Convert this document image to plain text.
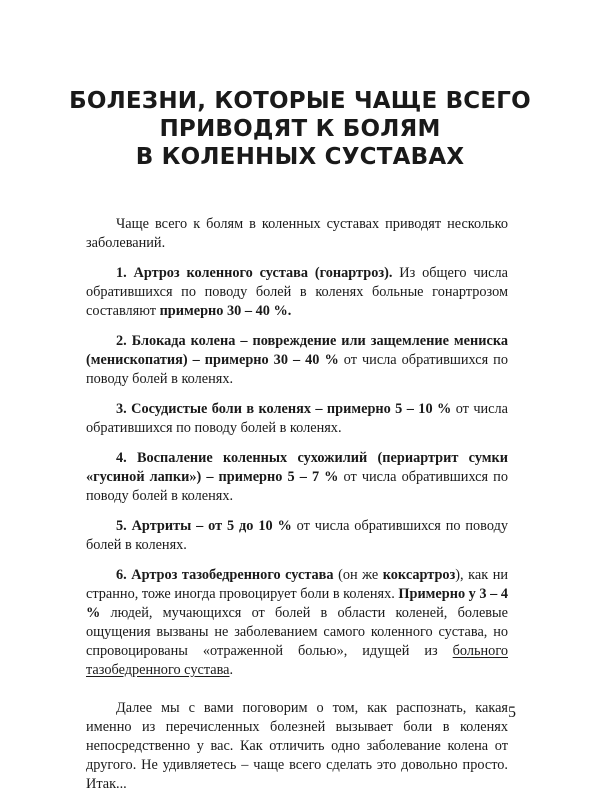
БОЛЕЗНИ, КОТОРЫЕ ЧАЩЕ ВСЕГО
ПРИВОДЯТ К БОЛЯМ
В КОЛЕННЫХ СУСТАВАХ

Чаще всего к болям в коленных суставах приводят несколько заболеваний.

1. Артроз коленного сустава (гонартроз). Из общего числа обратившихся по поводу болей в коленях больные гонартрозом составляют примерно 30 – 40 %.

2. Блокада колена – повреждение или защемление мениска (менископатия) – примерно 30 – 40 % от числа обратившихся по поводу болей в коленях.

3. Сосудистые боли в коленях – примерно 5 – 10 % от числа обратившихся по поводу болей в коленях.

4. Воспаление коленных сухожилий (периартрит сумки «гусиной лапки») – примерно 5 – 7 % от числа обратившихся по поводу болей в коленях.

5. Артриты – от 5 до 10 % от числа обратившихся по поводу болей в коленях.

6. Артроз тазобедренного сустава (он же коксартроз), как ни странно, тоже иногда провоцирует боли в коленях. Примерно у 3 – 4 % людей, мучающихся от болей в области коленей, болевые ощущения вызваны не заболеванием самого коленного сустава, но спровоцированы «отраженной болью», идущей из больного тазобедренного сустава.

Далее мы с вами поговорим о том, как распознать, какая именно из перечисленных болезней вызывает боли в коленях непосредственно у вас. Как отличить одно заболевание колена от другого. Не удивляетесь – чаще всего сделать это довольно просто. Итак...

5
